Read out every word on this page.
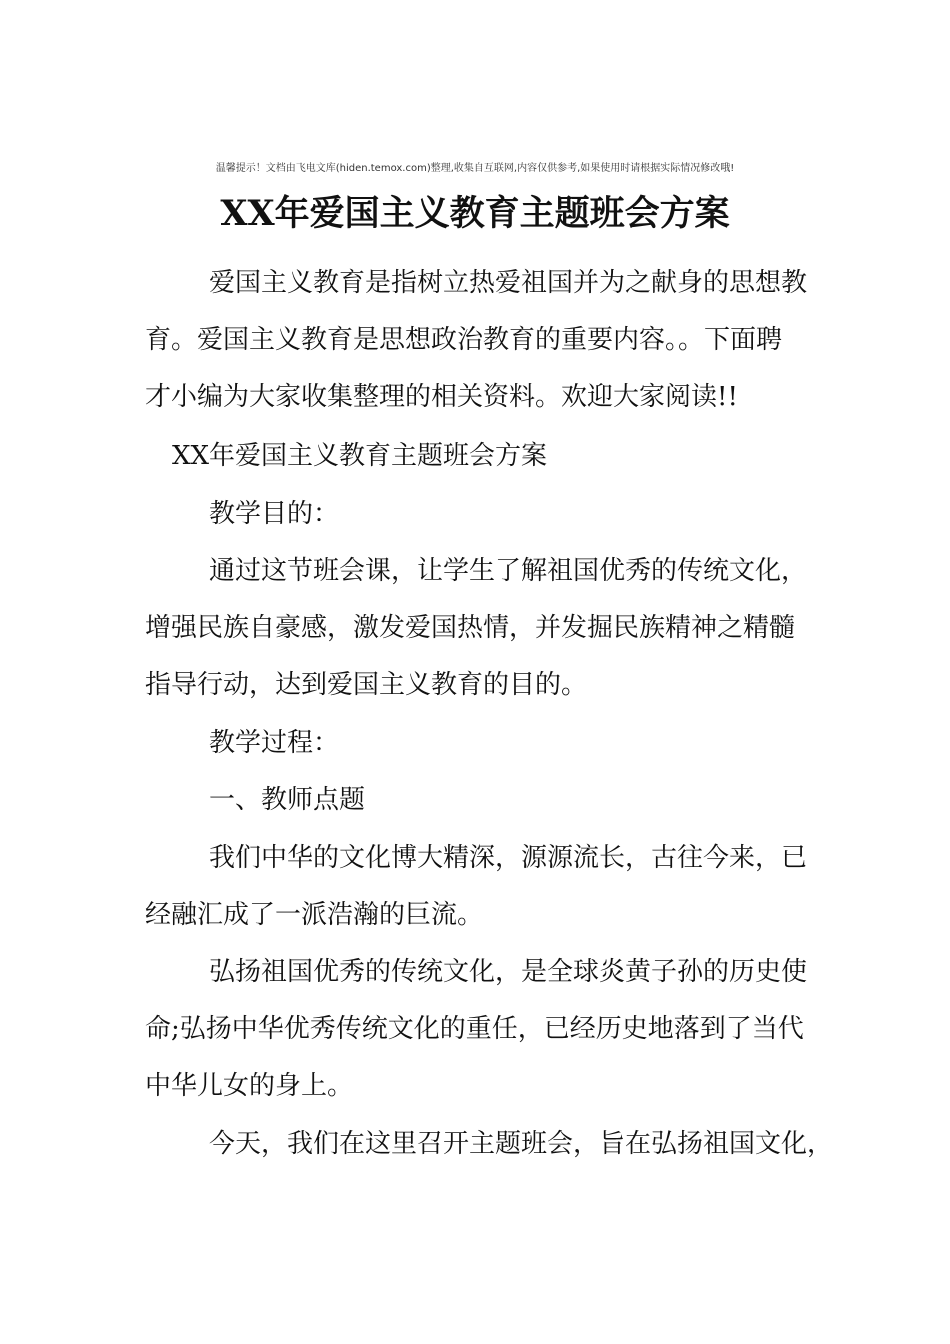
温馨提示！文档由飞电文库(hiden.temox.com)整理,收集自互联网,内容仅供参考,如果使用时请根据实际情况修改哦!
XX年爱国主义教育主题班会方案
爱国主义教育是指树立热爱祖国并为之献身的思想教
育。爱国主义教育是思想政治教育的重要内容。。下面聘
才小编为大家收集整理的相关资料。欢迎大家阅读!!
XX年爱国主义教育主题班会方案
教学目的：
通过这节班会课，让学生了解祖国优秀的传统文化，
增强民族自豪感，激发爱国热情，并发掘民族精神之精髓
指导行动，达到爱国主义教育的目的。
教学过程：
一、教师点题
我们中华的文化博大精深，源源流长，古往今来，已
经融汇成了一派浩瀚的巨流。
弘扬祖国优秀的传统文化，是全球炎黄子孙的历史使
命;弘扬中华优秀传统文化的重任，已经历史地落到了当代
中华儿女的身上。
今天，我们在这里召开主题班会，旨在弘扬祖国文化，
